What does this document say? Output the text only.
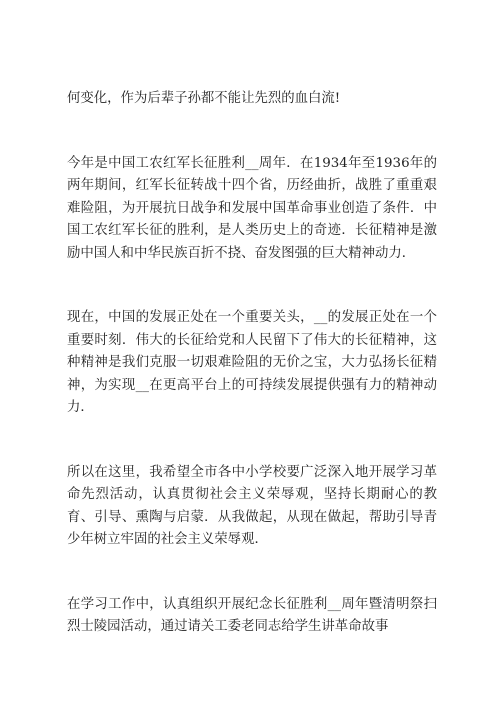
何变化，作为后辈子孙都不能让先烈的血白流!

今年是中国工农红军长征胜利__周年．在1934年至1936年的两年期间，红军长征转战十四个省，历经曲折，战胜了重重艰难险阻，为开展抗日战争和发展中国革命事业创造了条件．中国工农红军长征的胜利，是人类历史上的奇迹．长征精神是激励中国人和中华民族百折不挠、奋发图强的巨大精神动力．

现在，中国的发展正处在一个重要关头，__的发展正处在一个重要时刻．伟大的长征给党和人民留下了伟大的长征精神，这种精神是我们克服一切艰难险阻的无价之宝，大力弘扬长征精神，为实现__在更高平台上的可持续发展提供强有力的精神动力．

所以在这里，我希望全市各中小学校要广泛深入地开展学习革命先烈活动，认真贯彻社会主义荣辱观，坚持长期耐心的教育、引导、熏陶与启蒙．从我做起，从现在做起，帮助引导青少年树立牢固的社会主义荣辱观．

在学习工作中，认真组织开展纪念长征胜利__周年暨清明祭扫烈士陵园活动，通过请关工委老同志给学生讲革命故事
